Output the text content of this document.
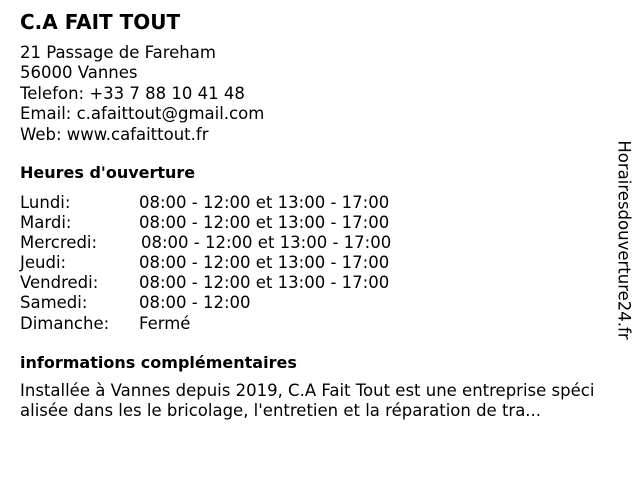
C.A FAIT TOUT
21 Passage de Fareham
56000 Vannes
Telefon: +33 7 88 10 41 48
Email: c.afaittout@gmail.com
Web: www.cafaittout.fr
Heures d'ouverture
Lundi:	08:00 - 12:00 et 13:00 - 17:00
Mardi:	08:00 - 12:00 et 13:00 - 17:00
Mercredi:	08:00 - 12:00 et 13:00 - 17:00
Jeudi:	08:00 - 12:00 et 13:00 - 17:00
Vendredi: 08:00 - 12:00 et 13:00 - 17:00
Samedi:	08:00 - 12:00
Dimanche: Fermé
informations complémentaires
Installée à Vannes depuis 2019, C.A Fait Tout est une entreprise spéci
alisée dans les le bricolage, l'entretien et la réparation de tra...
Horairesdouverture24.fr
